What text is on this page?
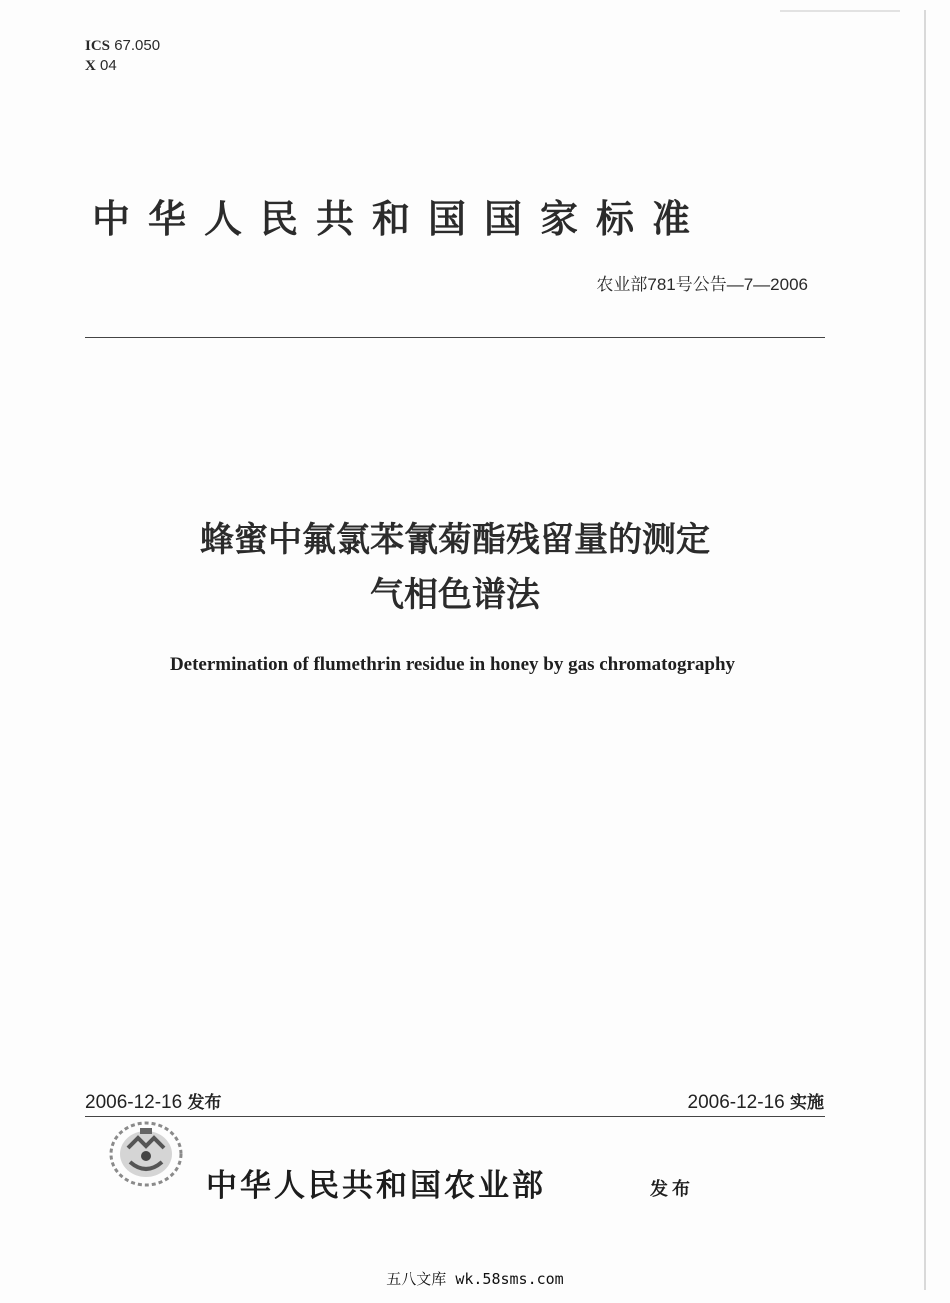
ICS 67.050
X 04
中华人民共和国国家标准
农业部781号公告—7—2006
蜂蜜中氟氯苯氰菊酯残留量的测定
气相色谱法
Determination of flumethrin residue in honey by gas chromatography
2006-12-16 发布	2006-12-16 实施
中华人民共和国农业部	发布
五八文库 wk.58sms.com
